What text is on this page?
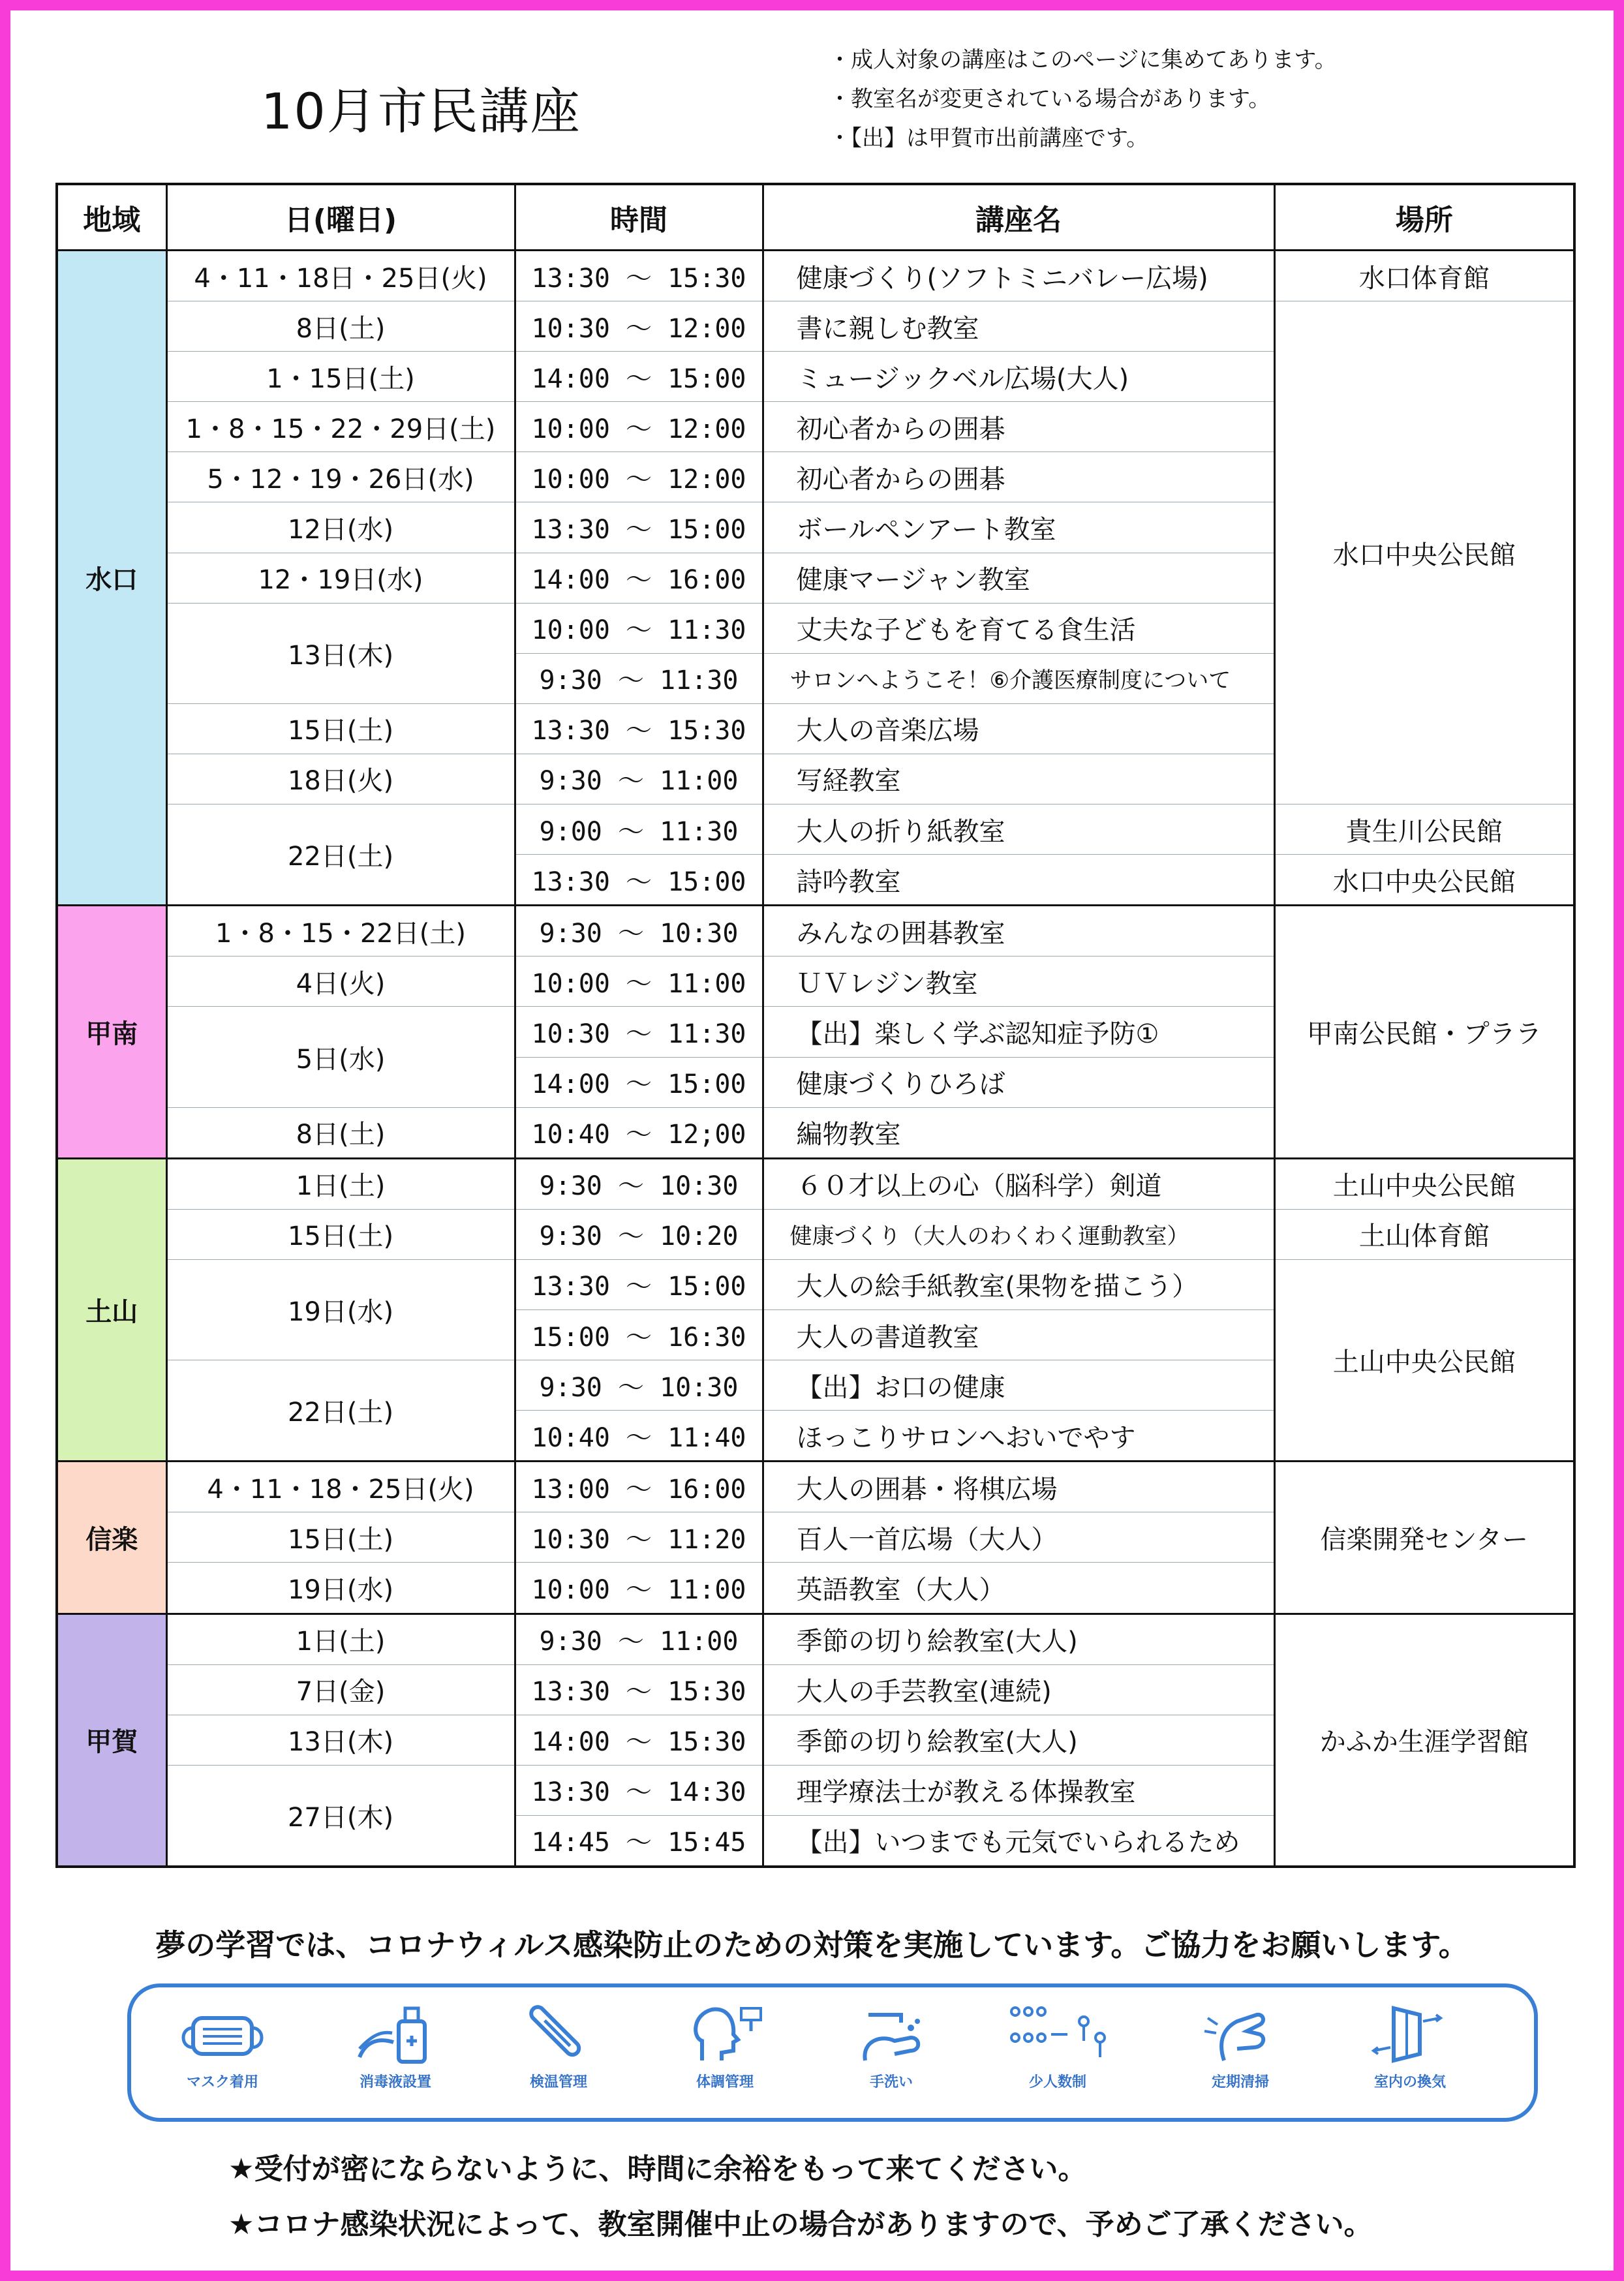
10月市民講座
・成人対象の講座はこのページに集めてあります。
・教室名が変更されている場合があります。
・【出】は甲賀市出前講座です。
地域	日(曜日)	時間	講座名	場所
水口	4・11・18日・25日(火)	13:30 ～ 15:30	健康づくり(ソフトミニバレー広場)	水口体育館
	8日(土)	10:30 ～ 12:00	書に親しむ教室	水口中央公民館
	1・15日(土)	14:00 ～ 15:00	ミュージックベル広場(大人)	
	1・8・15・22・29日(土)	10:00 ～ 12:00	初心者からの囲碁	
	5・12・19・26日(水)	10:00 ～ 12:00	初心者からの囲碁	
	12日(水)	13:30 ～ 15:00	ボールペンアート教室	
	12・19日(水)	14:00 ～ 16:00	健康マージャン教室	
	13日(木)	10:00 ～ 11:30	丈夫な子どもを育てる食生活	
		9:30 ～ 11:30	サロンへようこそ！⑥介護医療制度について	
	15日(土)	13:30 ～ 15:30	大人の音楽広場	
	18日(火)	9:30 ～ 11:00	写経教室	
	22日(土)	9:00 ～ 11:30	大人の折り紙教室	貴生川公民館
		13:30 ～ 15:00	詩吟教室	水口中央公民館
甲南	1・8・15・22日(土)	9:30 ～ 10:30	みんなの囲碁教室	甲南公民館・プララ
	4日(火)	10:00 ～ 11:00	ＵＶレジン教室	
	5日(水)	10:30 ～ 11:30	【出】楽しく学ぶ認知症予防①	
		14:00 ～ 15:00	健康づくりひろば	
	8日(土)	10:40 ～ 12;00	編物教室	
土山	1日(土)	9:30 ～ 10:30	６０才以上の心（脳科学）剣道	土山中央公民館
	15日(土)	9:30 ～ 10:20	健康づくり（大人のわくわく運動教室）	土山体育館
	19日(水)	13:30 ～ 15:00	大人の絵手紙教室(果物を描こう）	土山中央公民館
		15:00 ～ 16:30	大人の書道教室	
	22日(土)	9:30 ～ 10:30	【出】お口の健康	
		10:40 ～ 11:40	ほっこりサロンへおいでやす	
信楽	4・11・18・25日(火)	13:00 ～ 16:00	大人の囲碁・将棋広場	信楽開発センター
	15日(土)	10:30 ～ 11:20	百人一首広場（大人）	
	19日(水)	10:00 ～ 11:00	英語教室（大人）	
甲賀	1日(土)	9:30 ～ 11:00	季節の切り絵教室(大人)	かふか生涯学習館
	7日(金)	13:30 ～ 15:30	大人の手芸教室(連続)	
	13日(木)	14:00 ～ 15:30	季節の切り絵教室(大人)	
	27日(木)	13:30 ～ 14:30	理学療法士が教える体操教室	
		14:45 ～ 15:45	【出】いつまでも元気でいられるため	
夢の学習では、コロナウィルス感染防止のための対策を実施しています。ご協力をお願いします。
マスク着用	消毒液設置	検温管理	体調管理	手洗い	少人数制	定期清掃	室内の換気
★受付が密にならないように、時間に余裕をもって来てください。
★コロナ感染状況によって、教室開催中止の場合がありますので、予めご了承ください。
